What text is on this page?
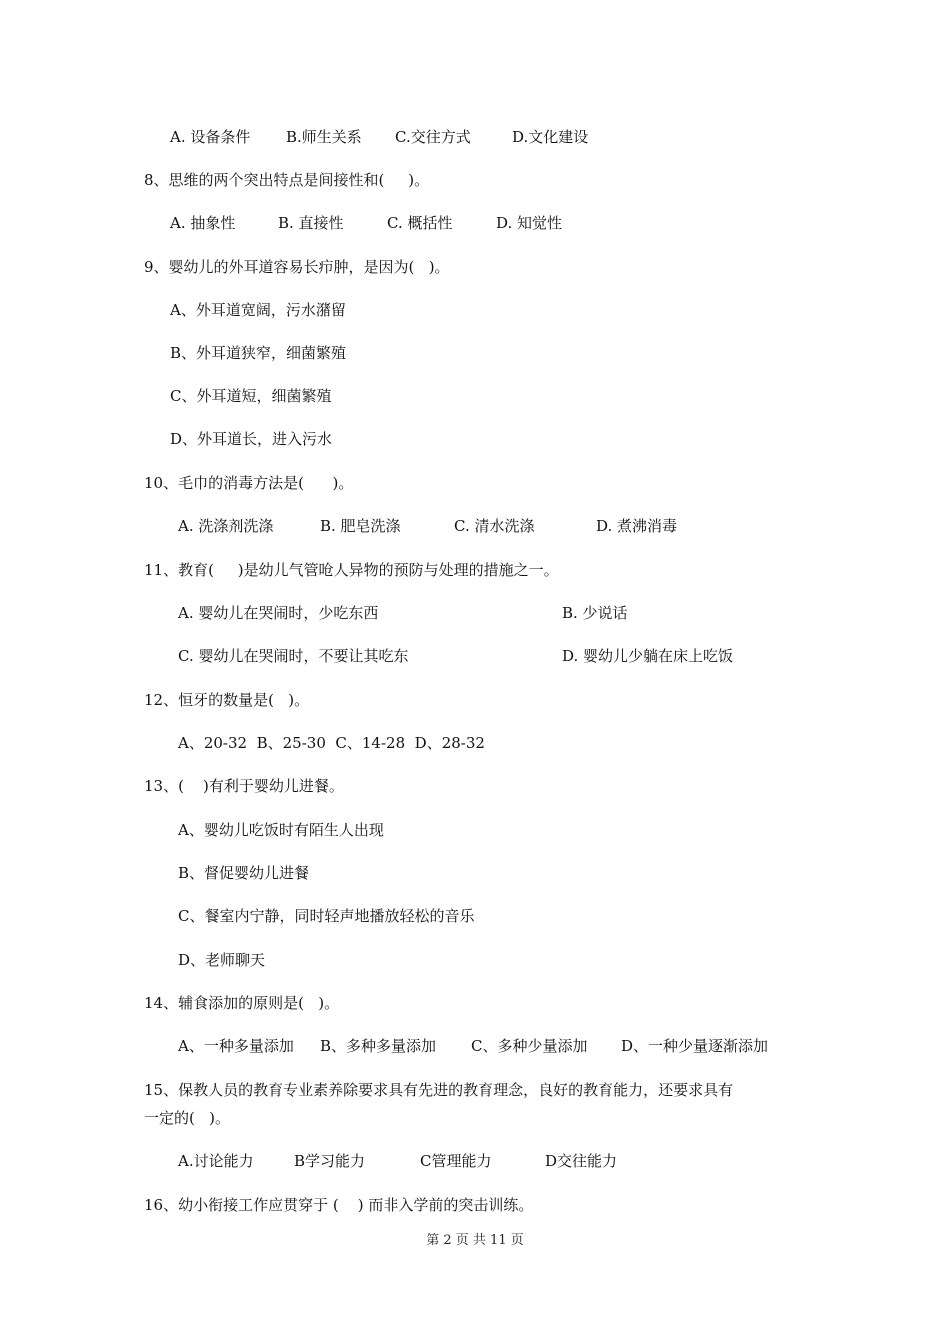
A. 设备条件 B.师生关系 C.交往方式	D.文化建设
8、思维的两个突出特点是间接性和(     )。
A. 抽象性	B. 直接性	C. 概括性	D. 知觉性
9、婴幼儿的外耳道容易长疖肿，是因为(   )。
A、外耳道宽阔，污水潴留
B、外耳道狭窄，细菌繁殖
C、外耳道短，细菌繁殖
D、外耳道长，进入污水
10、毛巾的消毒方法是(      )。
A. 洗涤剂洗涤	B. 肥皂洗涤	C. 清水洗涤	D. 煮沸消毒
11、教育(     )是幼儿气管呛人异物的预防与处理的措施之一。
A. 婴幼儿在哭闹时，少吃东西	B. 少说话
C. 婴幼儿在哭闹时，不要让其吃东	D. 婴幼儿少躺在床上吃饭
12、恒牙的数量是(   )。
A、20-32  B、25-30  C、14-28  D、28-32
13、(    )有利于婴幼儿进餐。
A、婴幼儿吃饭时有陌生人出现
B、督促婴幼儿进餐
C、餐室内宁静，同时轻声地播放轻松的音乐
D、老师聊天
14、辅食添加的原则是(   )。
A、一种多量添加 B、多种多量添加 C、多种少量添加 D、一种少量逐渐添加
15、保教人员的教育专业素养除要求具有先进的教育理念，良好的教育能力，还要求具有
一定的(   )。
A.讨论能力	B学习能力	C管理能力	D交往能力
16、幼小衔接工作应贯穿于 (    ) 而非入学前的突击训练。
第 2 页 共 11 页
